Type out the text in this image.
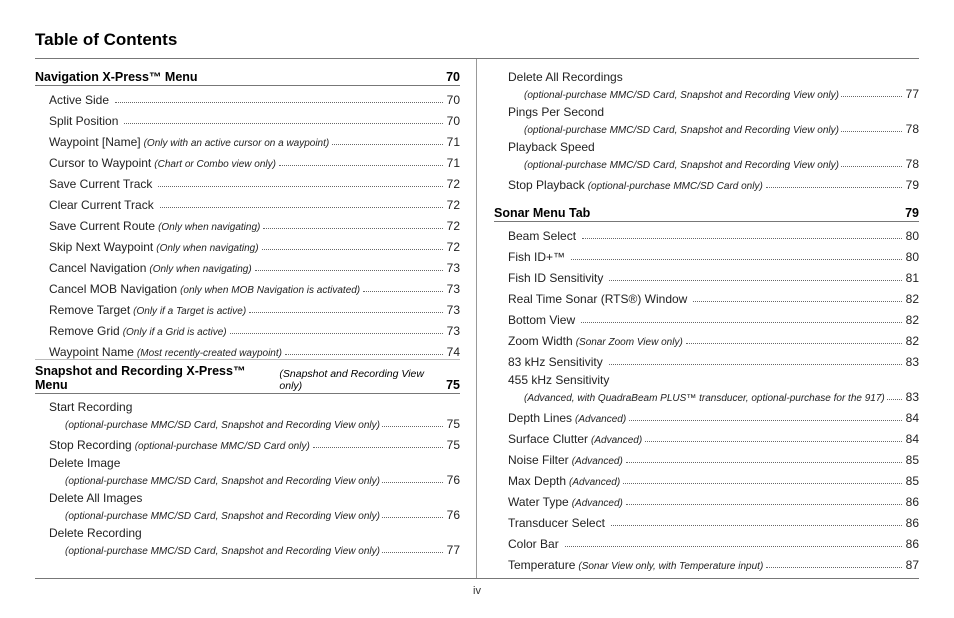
Table of Contents
iv
Navigation X-Press™ Menu	70
Active Side	70
Split Position	70
Waypoint [Name] (Only with an active cursor on a waypoint)	71
Cursor to Waypoint (Chart or Combo view only)	71
Save Current Track	72
Clear Current Track	72
Save Current Route (Only when navigating)	72
Skip Next Waypoint (Only when navigating)	72
Cancel Navigation (Only when navigating)	73
Cancel MOB Navigation (only when MOB Navigation is activated)	73
Remove Target (Only if a Target is active)	73
Remove Grid (Only if a Grid is active)	73
Waypoint Name (Most recently-created waypoint)	74
Snapshot and Recording X-Press™ Menu
(Snapshot and Recording View only)	75
Start Recording
(optional-purchase MMC/SD Card, Snapshot and Recording View only)	75
Stop Recording (optional-purchase MMC/SD Card only)	75
Delete Image
(optional-purchase MMC/SD Card, Snapshot and Recording View only)	76
Delete All Images
(optional-purchase MMC/SD Card, Snapshot and Recording View only)	76
Delete Recording
(optional-purchase MMC/SD Card, Snapshot and Recording View only)	77
Delete All Recordings
(optional-purchase MMC/SD Card, Snapshot and Recording View only)	77
Pings Per Second
(optional-purchase MMC/SD Card, Snapshot and Recording View only)	78
Playback Speed
(optional-purchase MMC/SD Card, Snapshot and Recording View only)	78
Stop Playback (optional-purchase MMC/SD Card only)	79
Sonar Menu Tab	79
Beam Select	80
Fish ID+™	80
Fish ID Sensitivity	81
Real Time Sonar (RTS®) Window	82
Bottom View	82
Zoom Width (Sonar Zoom View only)	82
83 kHz Sensitivity	83
455 kHz Sensitivity
(Advanced, with QuadraBeam PLUS™ transducer, optional-purchase for the 917) 83
Depth Lines (Advanced)	84
Surface Clutter (Advanced)	84
Noise Filter (Advanced)	85
Max Depth (Advanced)	85
Water Type (Advanced)	86
Transducer Select	86
Color Bar	86
Temperature (Sonar View only, with Temperature input)	87
